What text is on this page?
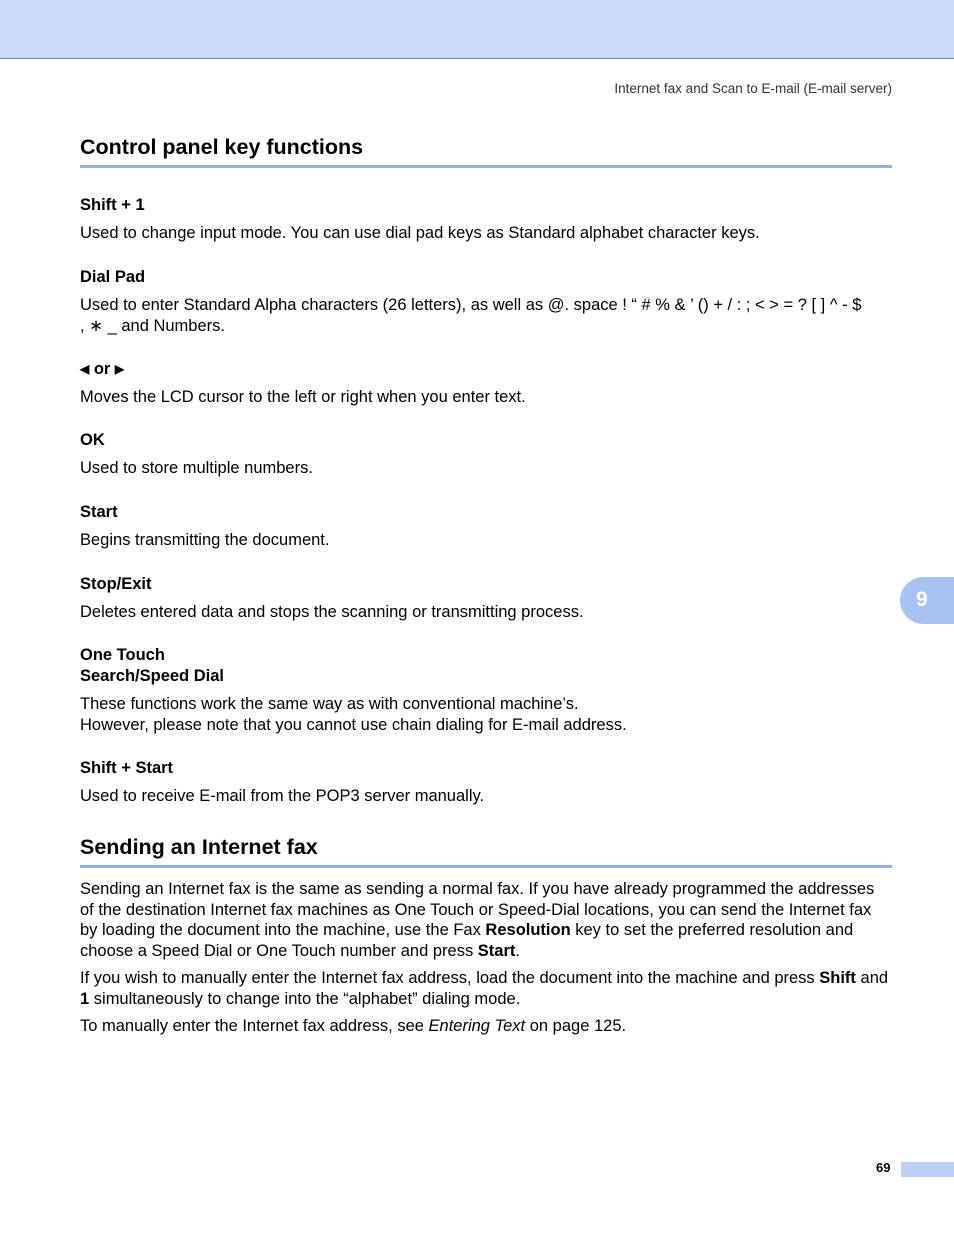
Internet fax and Scan to E-mail (E-mail server)
Control panel key functions
Shift + 1
Used to change input mode. You can use dial pad keys as Standard alphabet character keys.
Dial Pad
Used to enter Standard Alpha characters (26 letters), as well as @. space ! “ # % & ’ () + / : ; < > = ? [ ] ^ - $
, ∗ _ and Numbers.
◀ or ▶
Moves the LCD cursor to the left or right when you enter text.
OK
Used to store multiple numbers.
Start
Begins transmitting the document.
Stop/Exit
Deletes entered data and stops the scanning or transmitting process.
One Touch
Search/Speed Dial
These functions work the same way as with conventional machine’s.
However, please note that you cannot use chain dialing for E-mail address.
Shift + Start
Used to receive E-mail from the POP3 server manually.
Sending an Internet fax
Sending an Internet fax is the same as sending a normal fax. If you have already programmed the addresses of the destination Internet fax machines as One Touch or Speed-Dial locations, you can send the Internet fax by loading the document into the machine, use the Fax Resolution key to set the preferred resolution and choose a Speed Dial or One Touch number and press Start.
If you wish to manually enter the Internet fax address, load the document into the machine and press Shift and 1 simultaneously to change into the “alphabet” dialing mode.
To manually enter the Internet fax address, see Entering Text on page 125.
9
69
